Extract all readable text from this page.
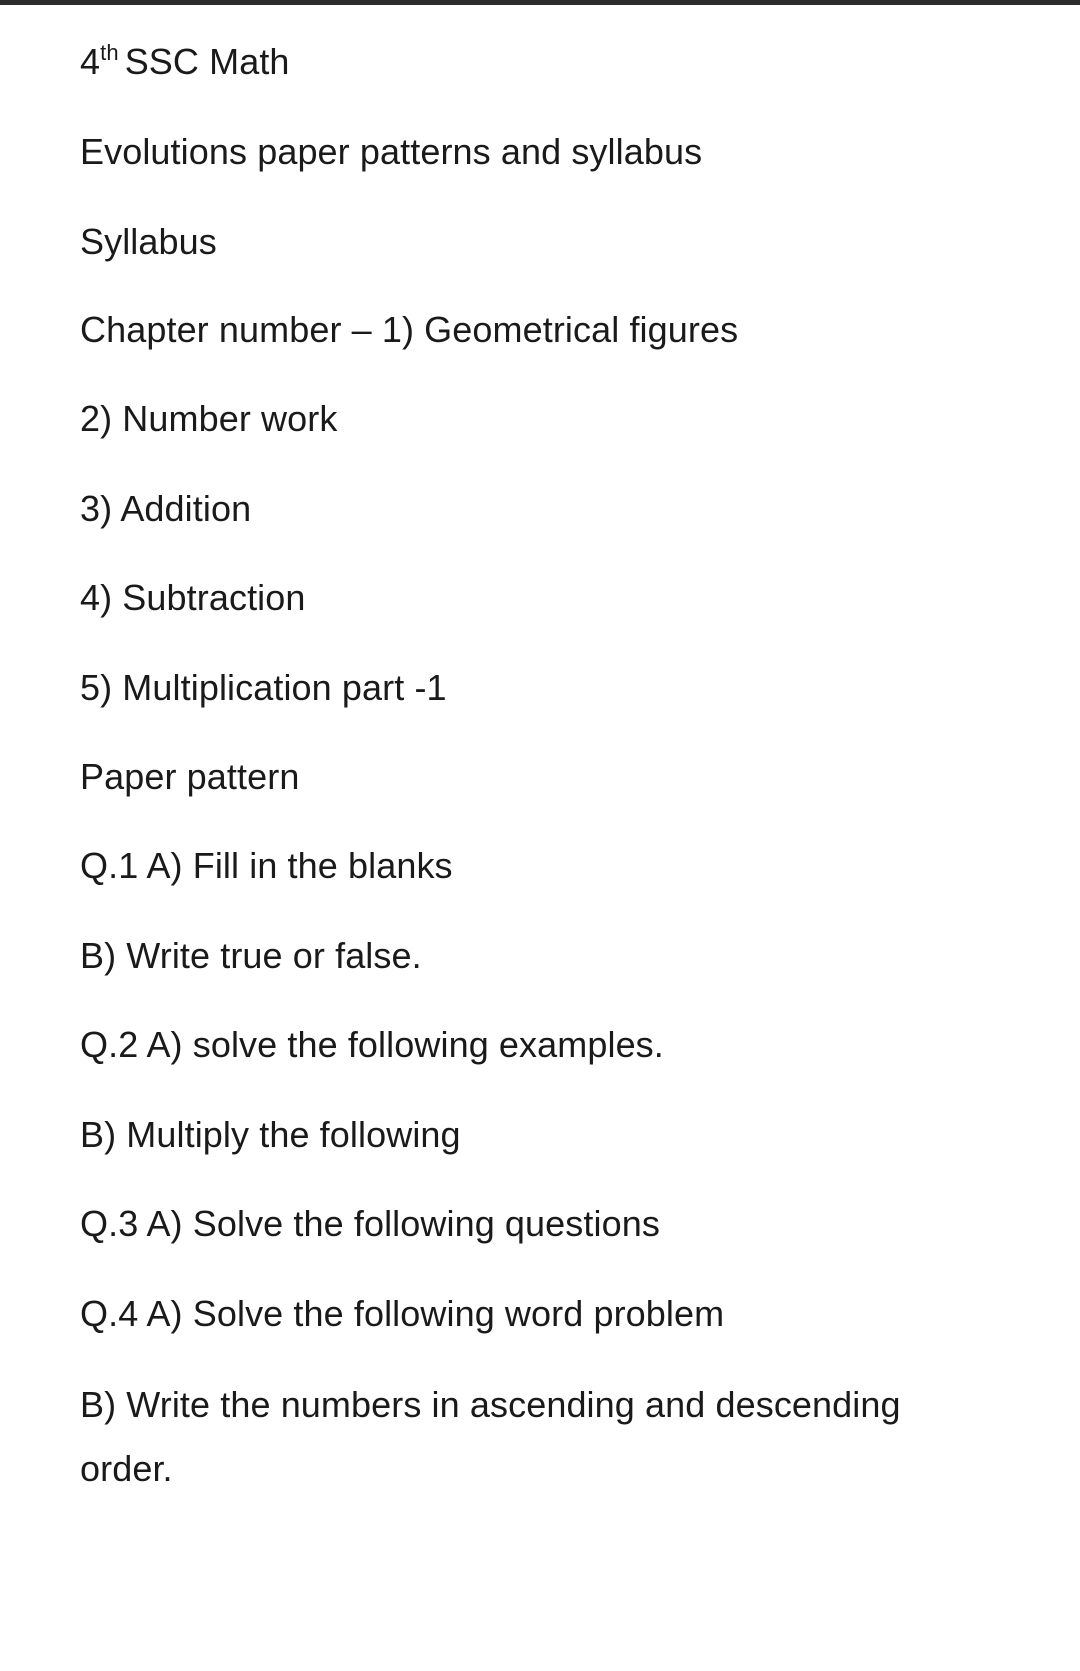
4th SSC Math
Evolutions paper patterns and syllabus
Syllabus
Chapter number – 1) Geometrical figures
2) Number work
3) Addition
4) Subtraction
5) Multiplication part -1
Paper pattern
Q.1 A) Fill in the blanks
B) Write true or false.
Q.2 A) solve the following examples.
B) Multiply the following
Q.3 A) Solve the following questions
Q.4 A) Solve the following word problem
B) Write the numbers in ascending and descending order.
